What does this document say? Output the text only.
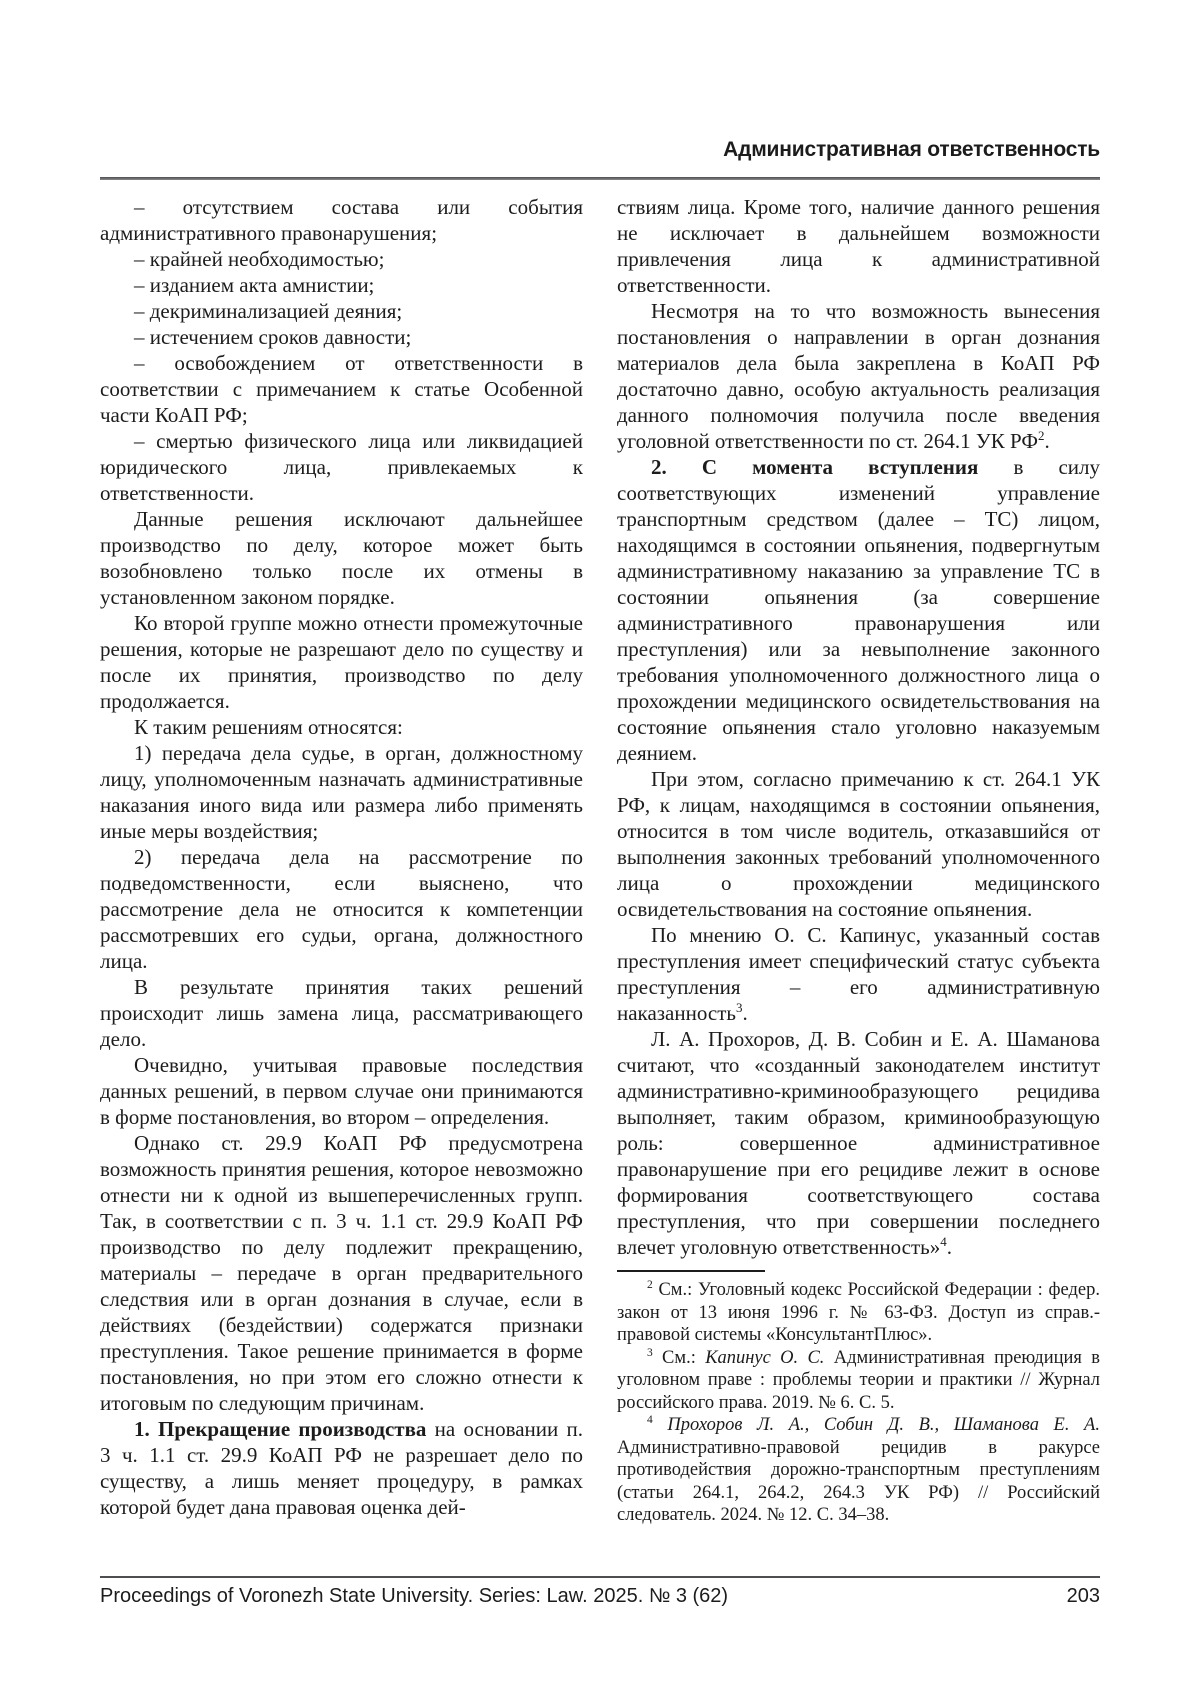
Административная ответственность

– отсутствием состава или события административного правонарушения;

– крайней необходимостью;

– изданием акта амнистии;

– декриминализацией деяния;

– истечением сроков давности;

– освобождением от ответственности в соответствии с примечанием к статье Особенной части КоАП РФ;

– смертью физического лица или ликвидацией юридического лица, привлекаемых к ответственности.

Данные решения исключают дальнейшее производство по делу, которое может быть возобновлено только после их отмены в установленном законом порядке.

Ко второй группе можно отнести промежуточные решения, которые не разрешают дело по существу и после их принятия, производство по делу продолжается.

К таким решениям относятся:

1) передача дела судье, в орган, должностному лицу, уполномоченным назначать административные наказания иного вида или размера либо применять иные меры воздействия;

2) передача дела на рассмотрение по подведомственности, если выяснено, что рассмотрение дела не относится к компетенции рассмотревших его судьи, органа, должностного лица.

В результате принятия таких решений происходит лишь замена лица, рассматривающего дело.

Очевидно, учитывая правовые последствия данных решений, в первом случае они принимаются в форме постановления, во втором – определения.

Однако ст. 29.9 КоАП РФ предусмотрена возможность принятия решения, которое невозможно отнести ни к одной из вышеперечисленных групп. Так, в соответствии с п. 3 ч. 1.1 ст. 29.9 КоАП РФ производство по делу подлежит прекращению, материалы – передаче в орган предварительного следствия или в орган дознания в случае, если в действиях (бездействии) содержатся признаки преступления. Такое решение принимается в форме постановления, но при этом его сложно отнести к итоговым по следующим причинам.

1. Прекращение производства на основании п. 3 ч. 1.1 ст. 29.9 КоАП РФ не разрешает дело по существу, а лишь меняет процедуру, в рамках которой будет дана правовая оценка дей-

ствиям лица. Кроме того, наличие данного решения не исключает в дальнейшем возможности привлечения лица к административной ответственности.

Несмотря на то что возможность вынесения постановления о направлении в орган дознания материалов дела была закреплена в КоАП РФ достаточно давно, особую актуальность реализация данного полномочия получила после введения уголовной ответственности по ст. 264.1 УК $РФ^2$.

2. С момента вступления в силу соответствующих изменений управление транспортным средством (далее – ТС) лицом, находящимся в состоянии опьянения, подвергнутым административному наказанию за управление ТС в состоянии опьянения (за совершение административного правонарушения или преступления) или за невыполнение законного требования уполномоченного должностного лица о прохождении медицинского освидетельствования на состояние опьянения стало уголовно наказуемым деянием.

При этом, согласно примечанию к ст. 264.1 УК РФ, к лицам, находящимся в состоянии опьянения, относится в том числе водитель, отказавшийся от выполнения законных требований уполномоченного лица о прохождении медицинского освидетельствования на состояние опьянения.

По мнению О. С. Капинус, указанный состав преступления имеет специфический статус субъекта преступления – его административную наказанность$^3$.

Л. А. Прохоров, Д. В. Собин и Е. А. Шаманова считают, что «созданный законодателем институт административно-криминообразующего рецидива выполняет, таким образом, криминообразующую роль: совершенное административное правонарушение при его рецидиве лежит в основе формирования соответствующего состава преступления, что при совершении последнего влечет уголовную ответственность»$^4$.

$^2$ См.: Уголовный кодекс Российской Федерации : федер. закон от 13 июня 1996 г. № 63-ФЗ. Доступ из справ.-правовой системы «КонсультантПлюс».

$^3$ См.: Капинус О. С. Административная преюдиция в уголовном праве : проблемы теории и практики // Журнал российского права. 2019. № 6. С. 5.

$^4$ Прохоров Л. А., Собин Д. В., Шаманова Е. А. Административно-правовой рецидив в ракурсе противодействия дорожно-транспортным преступлениям (статьи 264.1, 264.2, 264.3 УК РФ) // Российский следователь. 2024. № 12. С. 34–38.

Proceedings of Voronezh State University. Series: Law. 2025. № 3 (62)	203
